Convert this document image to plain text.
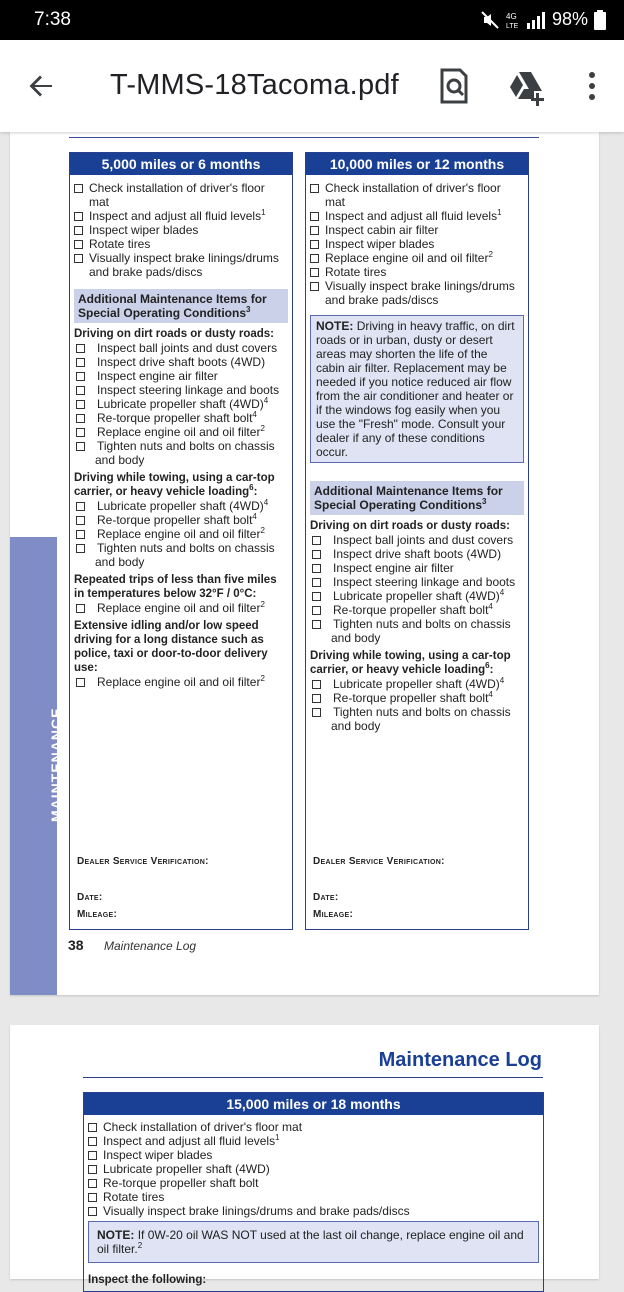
7:38	4G
LTE 98%
T-MMS-18Tacoma.pdf
MAINTENANCE
5,000 miles or 6 months
Check installation of driver's floor mat
Inspect and adjust all fluid levels$^1$
Inspect wiper blades
Rotate tires
Visually inspect brake linings/drums
and brake pads/discs
Additional Maintenance Items for Special Operating Conditions$^3$
Driving on dirt roads or dusty roads:
Inspect ball joints and dust covers
Inspect drive shaft boots (4WD)
Inspect engine air filter
Inspect steering linkage and boots
Lubricate propeller shaft $(4WD)^4$
Re-torque propeller shaft bolt$^4$
Replace engine oil and oil filter$^2$
Tighten nuts and bolts on chassis
and body
Driving while towing, using a car-top carrier, or heavy vehicle loading$^6$:
Lubricate propeller shaft $(4WD)^4$
Re-torque propeller shaft bolt$^4$
Replace engine oil and oil filter$^2$
Tighten nuts and bolts on chassis
and body
Repeated trips of less than five miles in temperatures below 32°F / 0°C:
Replace engine oil and oil filter$^2$
Extensive idling and/or low speed driving for a long distance such as police, taxi or door-to-door delivery use:
Replace engine oil and oil filter$^2$
Dealer Service Verification:
Date:
Mileage:
10,000 miles or 12 months
Check installation of driver's floor mat
Inspect and adjust all fluid levels$^1$
Inspect cabin air filter
Inspect wiper blades
Replace engine oil and oil filter$^2$
Rotate tires
Visually inspect brake linings/drums
and brake pads/discs
NOTE: Driving in heavy traffic, on dirt roads or in urban, dusty or desert areas may shorten the life of the cabin air filter. Replacement may be needed if you notice reduced air flow from the air conditioner and heater or if the windows fog easily when you use the "Fresh" mode. Consult your dealer if any of these conditions occur.
Additional Maintenance Items for Special Operating Conditions$^3$
Driving on dirt roads or dusty roads:
Inspect ball joints and dust covers
Inspect drive shaft boots (4WD)
Inspect engine air filter
Inspect steering linkage and boots
Lubricate propeller shaft $(4WD)^4$
Re-torque propeller shaft bolt$^4$
Tighten nuts and bolts on chassis
and body
Driving while towing, using a car-top carrier, or heavy vehicle loading$^6$:
Lubricate propeller shaft $(4WD)^4$
Re-torque propeller shaft bolt$^4$
Tighten nuts and bolts on chassis
and body
Dealer Service Verification:
Date:
Mileage:
38 Maintenance Log
Maintenance Log
15,000 miles or 18 months
Check installation of driver's floor mat
Inspect and adjust all fluid levels$^1$
Inspect wiper blades
Lubricate propeller shaft (4WD)
Re-torque propeller shaft bolt
Rotate tires
Visually inspect brake linings/drums and brake pads/discs
NOTE: If 0W-20 oil WAS NOT used at the last oil change, replace engine oil and oil filter.$^2$
Inspect the following:
